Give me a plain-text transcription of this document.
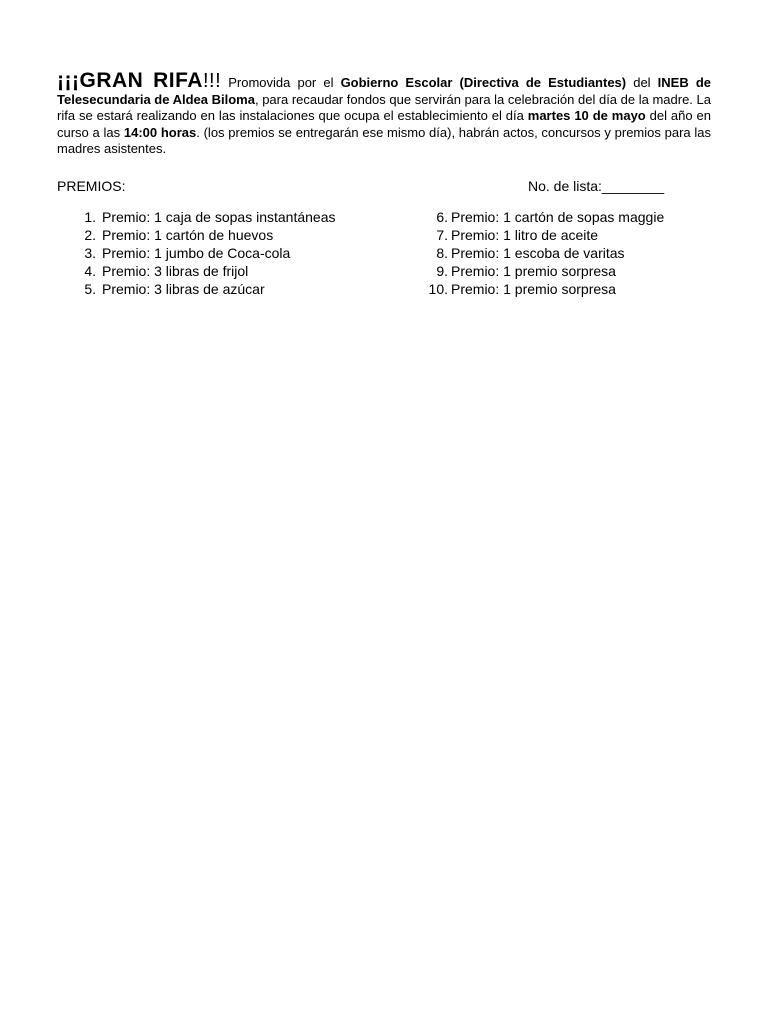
¡¡¡GRAN RIFA!!! Promovida por el Gobierno Escolar (Directiva de Estudiantes) del INEB de Telesecundaria de Aldea Biloma, para recaudar fondos que servirán para la celebración del día de la madre. La rifa se estará realizando en las instalaciones que ocupa el establecimiento el día martes 10 de mayo del año en curso a las 14:00 horas. (los premios se entregarán ese mismo día), habrán actos, concursos y premios para las madres asistentes.

PREMIOS:	No. de lista:________
1. Premio: 1 caja de sopas instantáneas
2. Premio: 1 cartón de huevos
3. Premio: 1 jumbo de Coca-cola
4. Premio: 3 libras de frijol
5. Premio: 3 libras de azúcar
6. Premio: 1 cartón de sopas maggie
7. Premio: 1 litro de aceite
8. Premio: 1 escoba de varitas
9. Premio: 1 premio sorpresa
10. Premio: 1 premio sorpresa
